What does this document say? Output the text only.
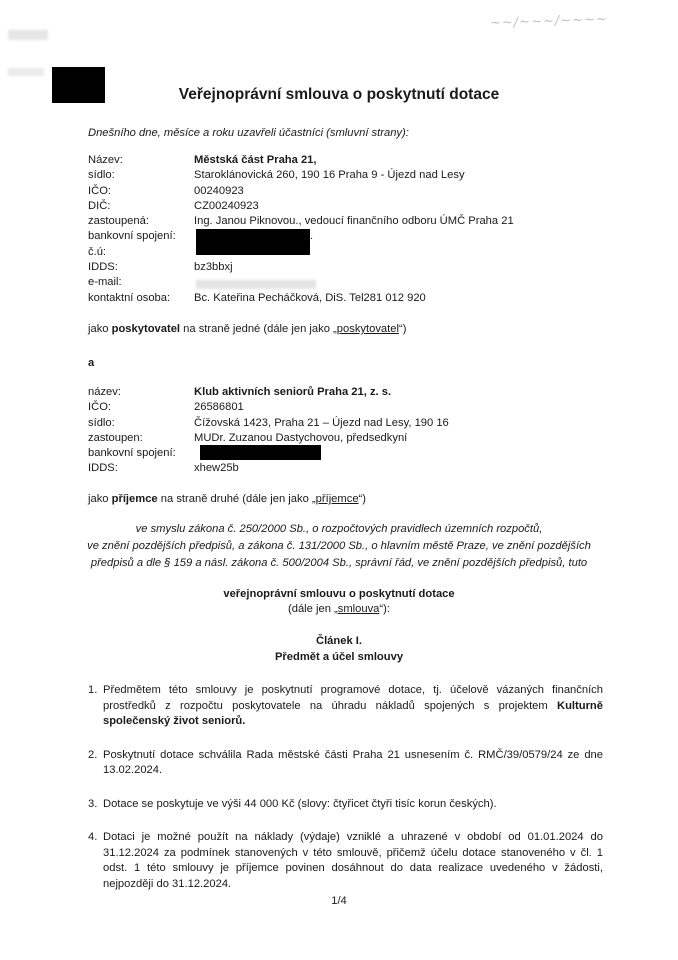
~~/~~~/~~~~
Veřejnoprávní smlouva o poskytnutí dotace
Dnešního dne, měsíce a roku uzavřeli účastníci (smluvní strany):
Název:	Městská část Praha 21,
sídlo:	Staroklánovická 260, 190 16 Praha 9 - Újezd nad Lesy
IČO:	00240923
DIČ:	CZ00240923
zastoupená:	Ing. Janou Piknovou., vedoucí finančního odboru ÚMČ Praha 21
bankovní spojení:	.
č.ú:
IDDS:	bz3bbxj
e-mail:
kontaktní osoba: Bc. Kateřina Pecháčková, DiS. Tel281 012 920
jako poskytovatel na straně jedné (dále jen jako „poskytovatel“)
a
název:	Klub aktivních seniorů Praha 21, z. s.
IČO:	26586801
sídlo:	Čížovská 1423, Praha 21 – Újezd nad Lesy, 190 16
zastoupen:	MUDr. Zuzanou Dastychovou, předsedkyní
bankovní spojení:
IDDS:	xhew25b
jako příjemce na straně druhé (dále jen jako „příjemce“)
ve smyslu zákona č. 250/2000 Sb., o rozpočtových pravidlech územních rozpočtů,
ve znění pozdějších předpisů, a zákona č. 131/2000 Sb., o hlavním městě Praze, ve znění pozdějších
předpisů a dle § 159 a násl. zákona č. 500/2004 Sb., správní řád, ve znění pozdějších předpisů, tuto
veřejnoprávní smlouvu o poskytnutí dotace
(dále jen „smlouva“):
Článek I.
Předmět a účel smlouvy
1. Předmětem této smlouvy je poskytnutí programové dotace, tj. účelově vázaných finančních prostředků z rozpočtu poskytovatele na úhradu nákladů spojených s projektem Kulturně společenský život seniorů.
2. Poskytnutí dotace schválila Rada městské části Praha 21 usnesením č. RMČ/39/0579/24 ze dne 13.02.2024.
3. Dotace se poskytuje ve výši 44 000 Kč (slovy: čtyřicet čtyři tisíc korun českých).
4. Dotaci je možné použít na náklady (výdaje) vzniklé a uhrazené v období od 01.01.2024 do 31.12.2024 za podmínek stanovených v této smlouvě, přičemž účelu dotace stanoveného v čl. 1 odst. 1 této smlouvy je příjemce povinen dosáhnout do data realizace uvedeného v žádosti, nejpozději do 31.12.2024.
1/4
